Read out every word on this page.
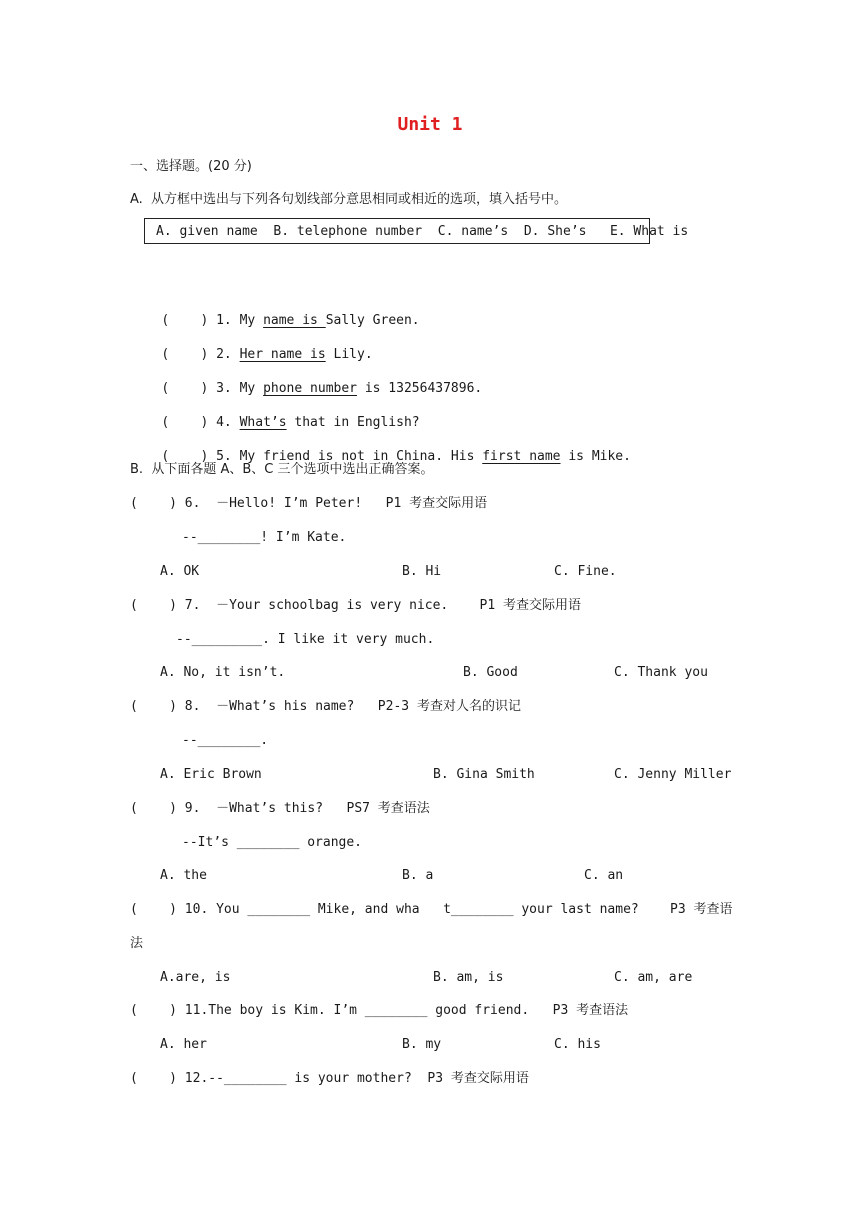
Unit 1
一、选择题。(20 分)
A.  从方框中选出与下列各句划线部分意思相同或相近的选项，填入括号中。
A. given name  B. telephone number  C. name’s  D. She’s   E. What is

(    ) 1. My name is Sally Green.

(    ) 2. Her name is Lily.

(    ) 3. My phone number is 13256437896.

(    ) 4. What’s that in English?

(    ) 5. My friend is not in China. His first name is Mike.

B.  从下面各题 A、B、C 三个选项中选出正确答案。
(    ) 6.  －Hello! I’m Peter!   P1 考查交际用语
--________! I’m Kate.
A. OK	B. Hi	C. Fine.
(    ) 7.  －Your schoolbag is very nice.    P1 考查交际用语
--_________. I like it very much.
A. No, it isn’t.	B. Good	C. Thank you
(    ) 8.  －What’s his name?   P2-3 考查对人名的识记
--________.
A. Eric Brown	B. Gina Smith	C. Jenny Miller
(    ) 9.  －What’s this?   PS7 考查语法
--It’s ________ orange.
A. the	B. a	C. an
(    ) 10. You ________ Mike, and wha   t________ your last name?    P3 考查语
法
A.are, is	B. am, is	C. am, are
(    ) 11.The boy is Kim. I’m ________ good friend.   P3 考查语法
A. her	B. my	C. his
(    ) 12.--________ is your mother?  P3 考查交际用语
